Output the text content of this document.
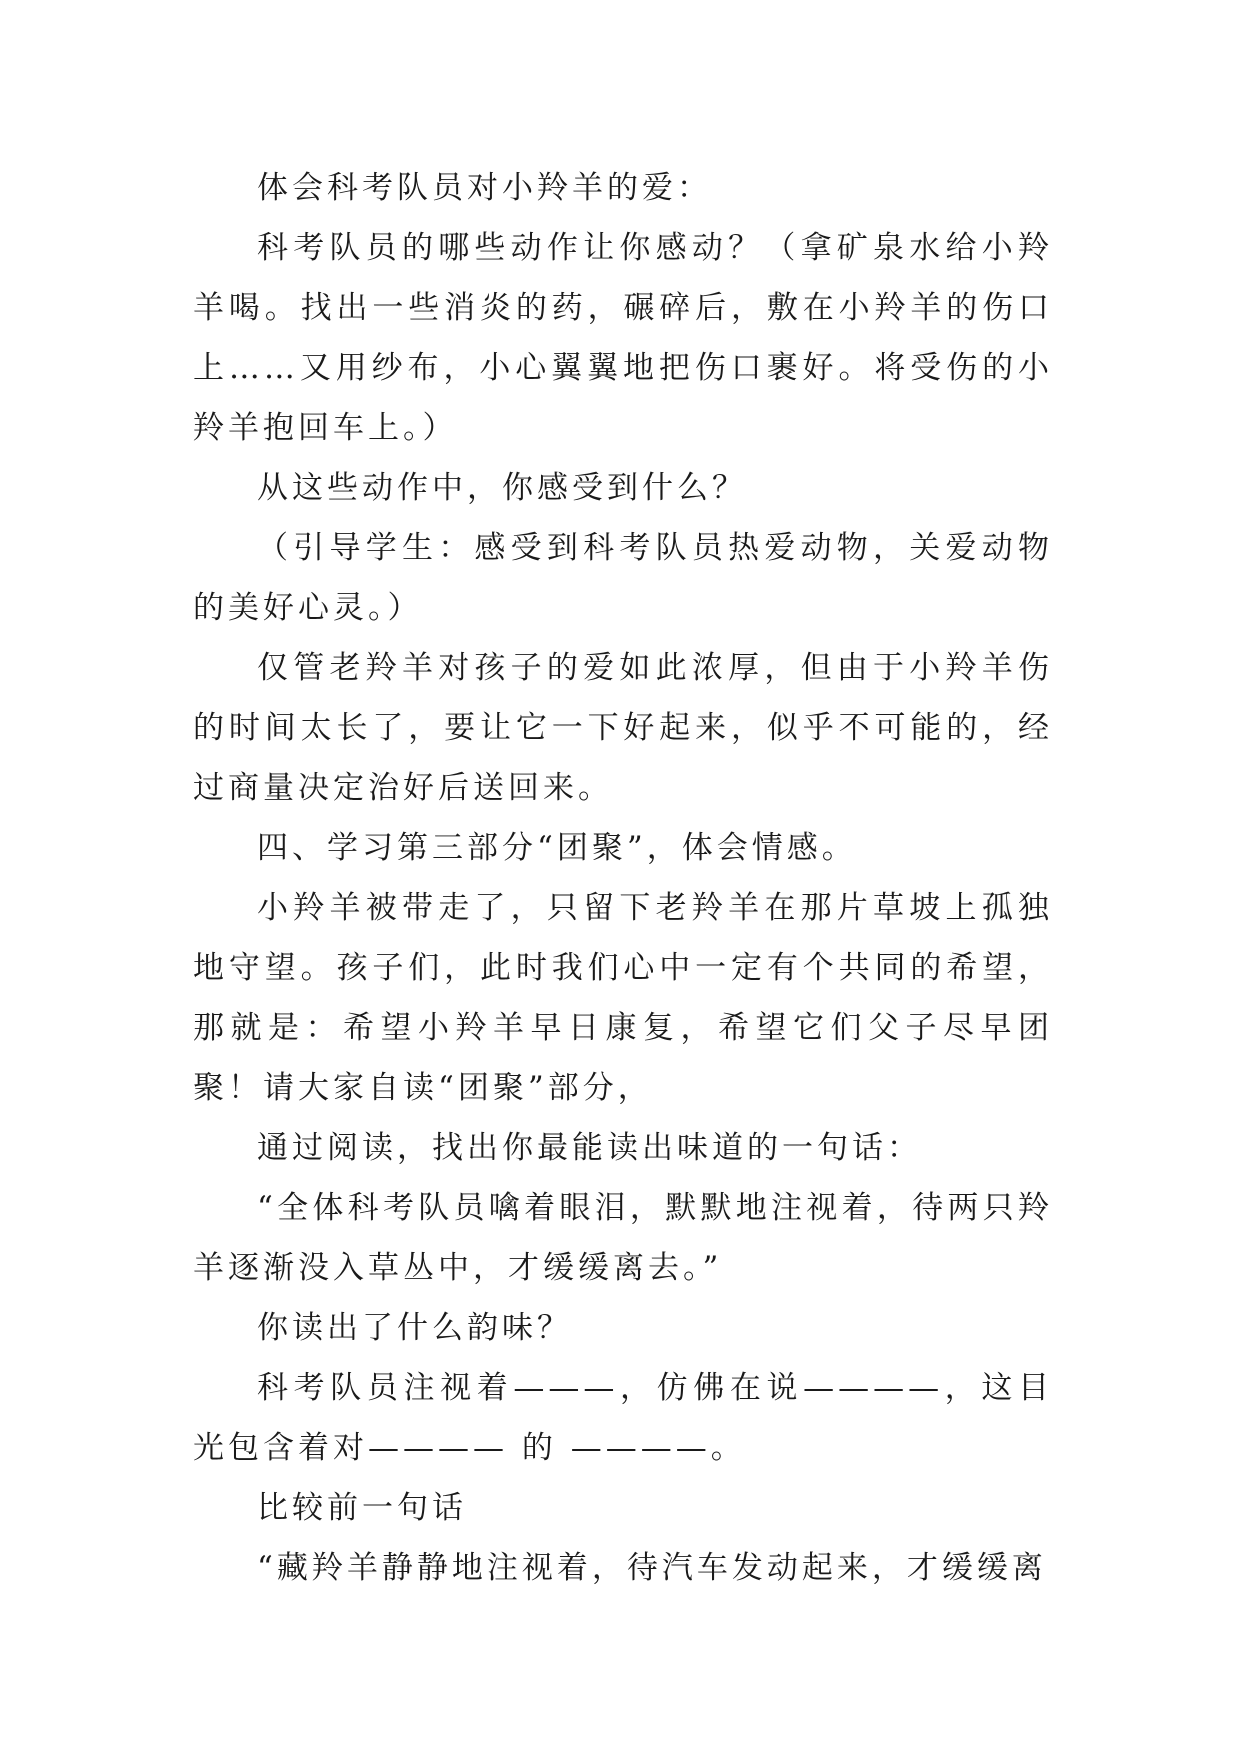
体会科考队员对小羚羊的爱：

科考队员的哪些动作让你感动？（拿矿泉水给小羚羊喝。找出一些消炎的药，碾碎后，敷在小羚羊的伤口上……又用纱布，小心翼翼地把伤口裹好。将受伤的小羚羊抱回车上。）

从这些动作中，你感受到什么？

（引导学生：感受到科考队员热爱动物，关爱动物的美好心灵。）

仅管老羚羊对孩子的爱如此浓厚，但由于小羚羊伤的时间太长了，要让它一下好起来，似乎不可能的，经过商量决定治好后送回来。

四、学习第三部分“团聚”，体会情感。

小羚羊被带走了，只留下老羚羊在那片草坡上孤独地守望。孩子们，此时我们心中一定有个共同的希望，那就是：希望小羚羊早日康复，希望它们父子尽早团聚！请大家自读“团聚”部分，

通过阅读，找出你最能读出味道的一句话：

“全体科考队员噙着眼泪，默默地注视着，待两只羚羊逐渐没入草丛中，才缓缓离去。”

你读出了什么韵味？

科考队员注视着———，仿佛在说————，这目光包含着对———— 的 ————。

比较前一句话

“藏羚羊静静地注视着，待汽车发动起来，才缓缓离
